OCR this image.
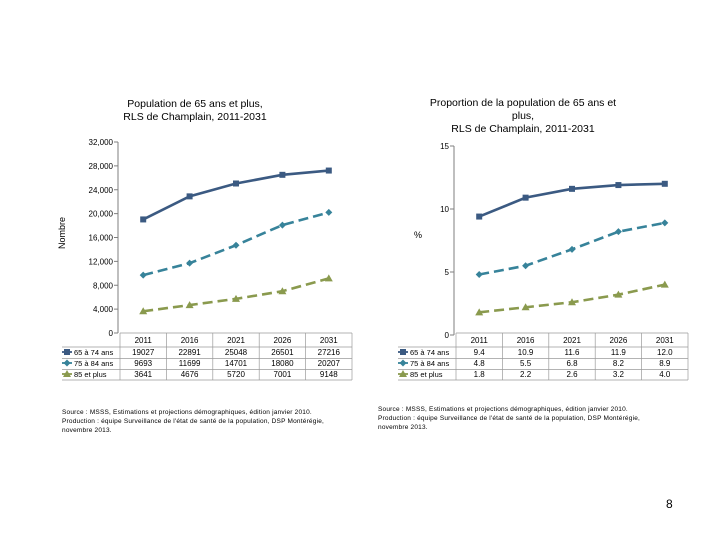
Population de 65 ans et plus,
RLS de Champlain, 2011-2031
Proportion de la population de 65 ans et
plus,
RLS de Champlain, 2011-2031
Nombre	%
0
4,000
8,000
12,000
16,000
20,000
24,000
28,000
32,000
2011	2016	2021	2026	2031
65 à 74 ans 19027	22891	25048	26501	27216
75 à 84 ans	9693	11699	14701	18080	20207
85 et plus	3641	4676	5720	7001	9148
0
5
10
15
2011	2016	2021	2026	2031
65 à 74 ans	9.4	10.9	11.6	11.9	12.0
75 à 84 ans	4.8	5.5	6.8	8.2	8.9
85 et plus	1.8	2.2	2.6	3.2	4.0
Source : MSSS, Estimations et projections démographiques, édition janvier 2010.
Production : équipe Surveillance de l'état de santé de la population, DSP Montérégie,
novembre 2013.
Source : MSSS, Estimations et projections démographiques, édition janvier 2010.
Production : équipe Surveillance de l'état de santé de la population, DSP Montérégie,
novembre 2013.
8
